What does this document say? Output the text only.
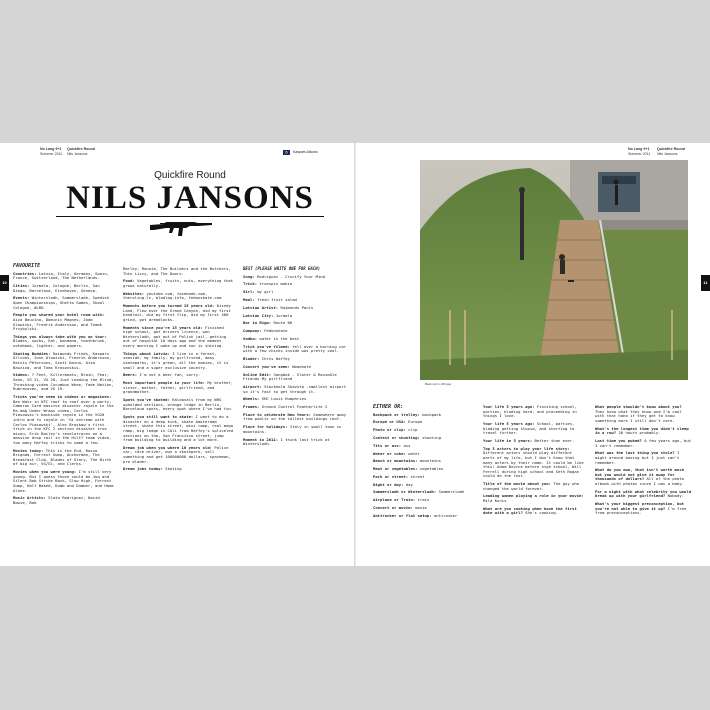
10
No Lang 9+1
Summer 2011
Quickfire Round
Nils Jansons	Kaspars Allcoks
Quickfire Round
NILS JANSONS
FAVOURITE

Countries: Latvia, Italy, Germany, Spain, France, Switzerland, The Netherlands.

Cities: Jurmala, Cologne, Berlin, San Diego, Barcelona, Eindhoven, Geneva.

Events: Wintersladh, Summersladh, Swedish Open Championships, Ghetto Games, Skool Cologne, #LRD.

People you shared your hotel room with: Aiza Bauzina, Dominic Magnes, Joab Olowicki, Fredrik Andersson, and Tomek Przybylski.

Things you always take with you on tour: Blades, socks, hat, bandana, toothbrush, notebook, lighter, and papers.

Skating Buddies: Raimonds Frinds, Kaspars Allcoks, Josh Olowicki, Fredrik Andersson, Reinis Pētersons, Scott Daina, Aiza Bauzina, and Toms Krasovskis.

Videos: 7 Feet, Killerbeats, Brain, Fear, Gene, VG 21, VG 20, Just Leading the Blind, Thrashing video Cucumbus Whee, Fade Nation, Rubracoven, and VG 19.

Tricks you've seen in videos or magazines: Ben Watz in KFC roof to roof over a party, Cameron Card massive disaster royale in the Re-mag Under Wraps video, Carlos Piasowski's backside royale in the VG20 intro and fu royale in 'Gi extreme with Carlos Piasowski', Alex Broskow's first trick in the KFC 2 section disaster true mizou, Erik Bailey's revelatroces on a massive drop rail in the Hilt? team video, too many Haffey tricks to name a few.

Movies today: This is the End, Rosso Brigada, Forrest Gump, Anchorman, The Breakfast Club, Blades of Glory, The Birth of big air, VG/Gl, and Clerks.

Movies when you were young: I'm still very young. But I guess those could be Joq and Silent Bob Strike Back, Slow High, Forrest Gump, Half Baked, Dumb and Dumber, and Home Alone.

Music Artists: Slato Rodriguez, David Bowie, Bob

Marley, Ronnie, The Builders and the Butchers, Thin Lizzy, and The Doors.

Food: Vegetables, fruits, nuts, everything that grows naturally.

Websites: youtube.com, facebook.com, theroling.lv, bladlog.info, fedonskate.com

Moments before you turned 15 years old: Disney Land, Flew over the Grand Canyon, did my first handrail, did my first flip, did my first 360 grind, got dreadlocks.

Moments since you're 15 years old: Finished high school, got drivers licence, won Wintersladh, got out of Polish jail, getting out of hospital 10 days ago and the moment every morning I wake up and sun is shining.

Things about Latvia: I live in a forest, seaside, my family, my girlfriend, many skateparks, it's green, all the homies, it is small and a super exclusive country.

Beers: I'm not a beer fan, sorry.

Most important people in your life: My brother, sister, mother, father, girlfriend, and grandmother.

Spots you've skated: Kaldavals from my WRG upholded sections, orange ledge in Berlin, Barcelona spots, every spot where I've had fun.

Spots you still want to skate: I want to do a disaster on a deep kink, skate Amsterdam street, skate this street, mini ramp, real mega ramp, big ledge in Cali from Haffey's spliceled sections on tha, San Francisco street, jump from building to building and a lot more.

Dream job when you where 10 years old: Police car, race driver, own a skatepark, sell something and get 100000000 dollars, spaceman, pro blader.

Dream jobs today: Skating

BEST (PLEASE WRITE ONE FOR EACH)

Song: Rodriguez - Crucify Your Mind

Trick: truespin makio

Girl: my girl

Meal: fresh fruit salad

Latvian Artist: Raimonds Pauls

Latvian City: Jurmala

Bar in Riga: Route 66

Company: Fedonskate

Vodka: water is the best

Trick you've filmed: fell over a burning car with a few chicks inside was pretty cool.

Blader: Chris Haffey

Concert you've seen: Woodnote

Online Edit: Sangbok - Slater & Rossmüle Friends My girlfriend

Airport: Stockholm Skavsta -smallest airport so it's fast to get through it.

Wheels: SHC Louis Humphries

Frames: Ground Control Featherlite 2

Place to celebrate New Years: Somewhere away from public on the tallest buildings roof.

Place for holidays: Italy in small town in mountains.

Moment in 2011: I think last trick at Wintersladh.

No Lang 9+1
Summer 2011
Quickfire Round
Nils Jansons
11
Back rail in 180 gap
EITHER OR:

Backpack or trolley: backpack

Europe or USA: Europe

Photo or clip: clip

Contest or shooting: shooting

Tits or ass: ass

Water or coke: water

Beach or mountains: mountains

Meat or vegetables: vegetables

Park or street: street

Night or day: day

Summersladh or Wintersladh: Summersladh

Airplane or Train: train

Concert or movie: movie

Antirocker or flat setup: antirocker

Your life 5 years ago: Finishing school, parties, blading hard, and proceeding in things I love.

Your life 5 years ago: School, parties, blading getting stupid, and starting to travel further.

Your life in 5 years: Better than ever.

Top 5 actors to play your life story: Different actors should play different parts of my life, but I don't know that many actors by their name. It could be like this: Adam Devine before high school, Will Ferrell during high school and Seth Rogan could do the rest.

Title of the movie about you: The guy who changed the world forever.

Leading women playing a role in your movie: Mila Kunis

What are you cooking when have the first date with a girl? She's cooking.

What people shouldn't know about you? They know what they know and I'm cool with that haha if they get to know something more I still don't care.

What's the longest time you didn't sleep in a row? 26 hours probably.

Last time you puked? A few years ago, but I can't remember.

What was the last thing you stole? I might around boxing but I just can't remember.

What do you own, that isn't worth much but you would not give it away for thousands of dollars? All of the photo albums with photos since I was a baby.

For a night with what celebrity you would break up with your girlfriend? Nobody.

What's your biggest preconception, but you're not able to give it up? I'm free from preconceptions.
